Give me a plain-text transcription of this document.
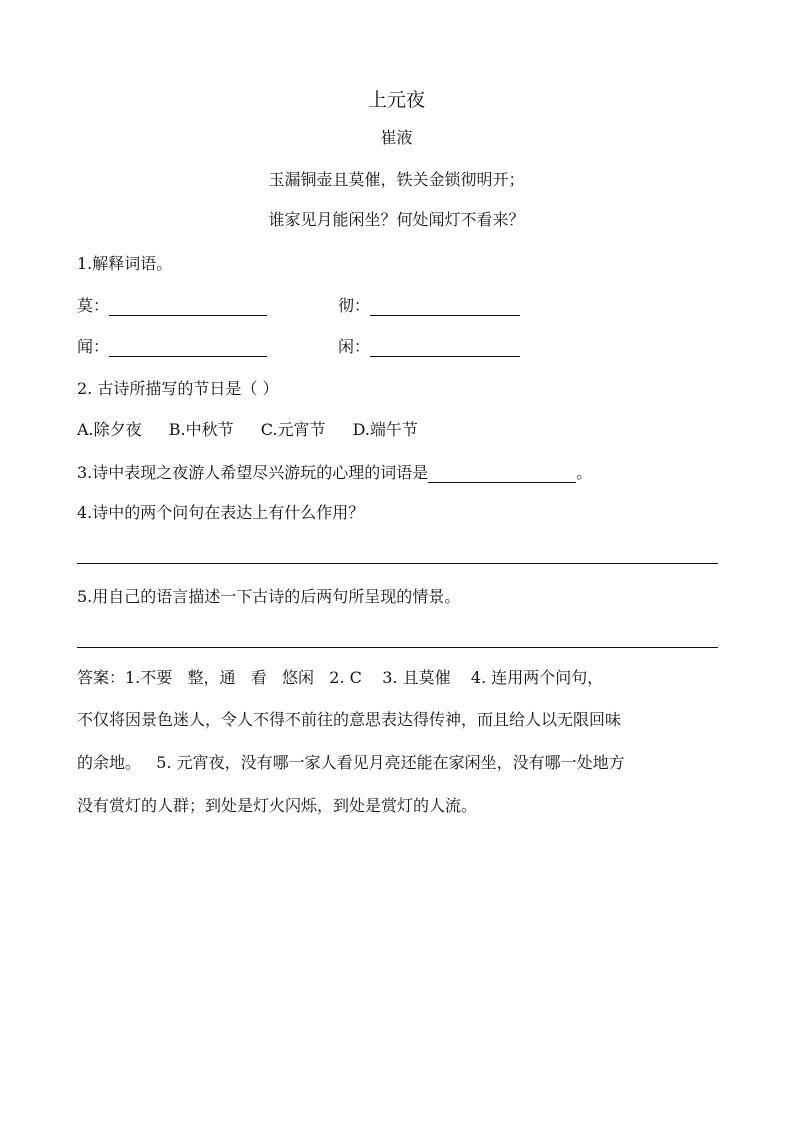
上元夜
崔液
玉漏铜壶且莫催，铁关金锁彻明开；
谁家见月能闲坐？何处闻灯不看来？
1.解释词语。
莫：	彻：
闻：	闲：
2. 古诗所描写的节日是（ ）
A.除夕夜 B.中秋节 C.元宵节 D.端午节
3.诗中表现之夜游人希望尽兴游玩的心理的词语是	。
4.诗中的两个问句在表达上有什么作用？
5.用自己的语言描述一下古诗的后两句所呈现的情景。
答案：1.不要   整，通   看   悠闲   2. C    3. 且莫催    4. 连用两个问句，
不仅将因景色迷人，令人不得不前往的意思表达得传神，而且给人以无限回味
的余地。   5. 元宵夜，没有哪一家人看见月亮还能在家闲坐，没有哪一处地方
没有赏灯的人群；到处是灯火闪烁，到处是赏灯的人流。
